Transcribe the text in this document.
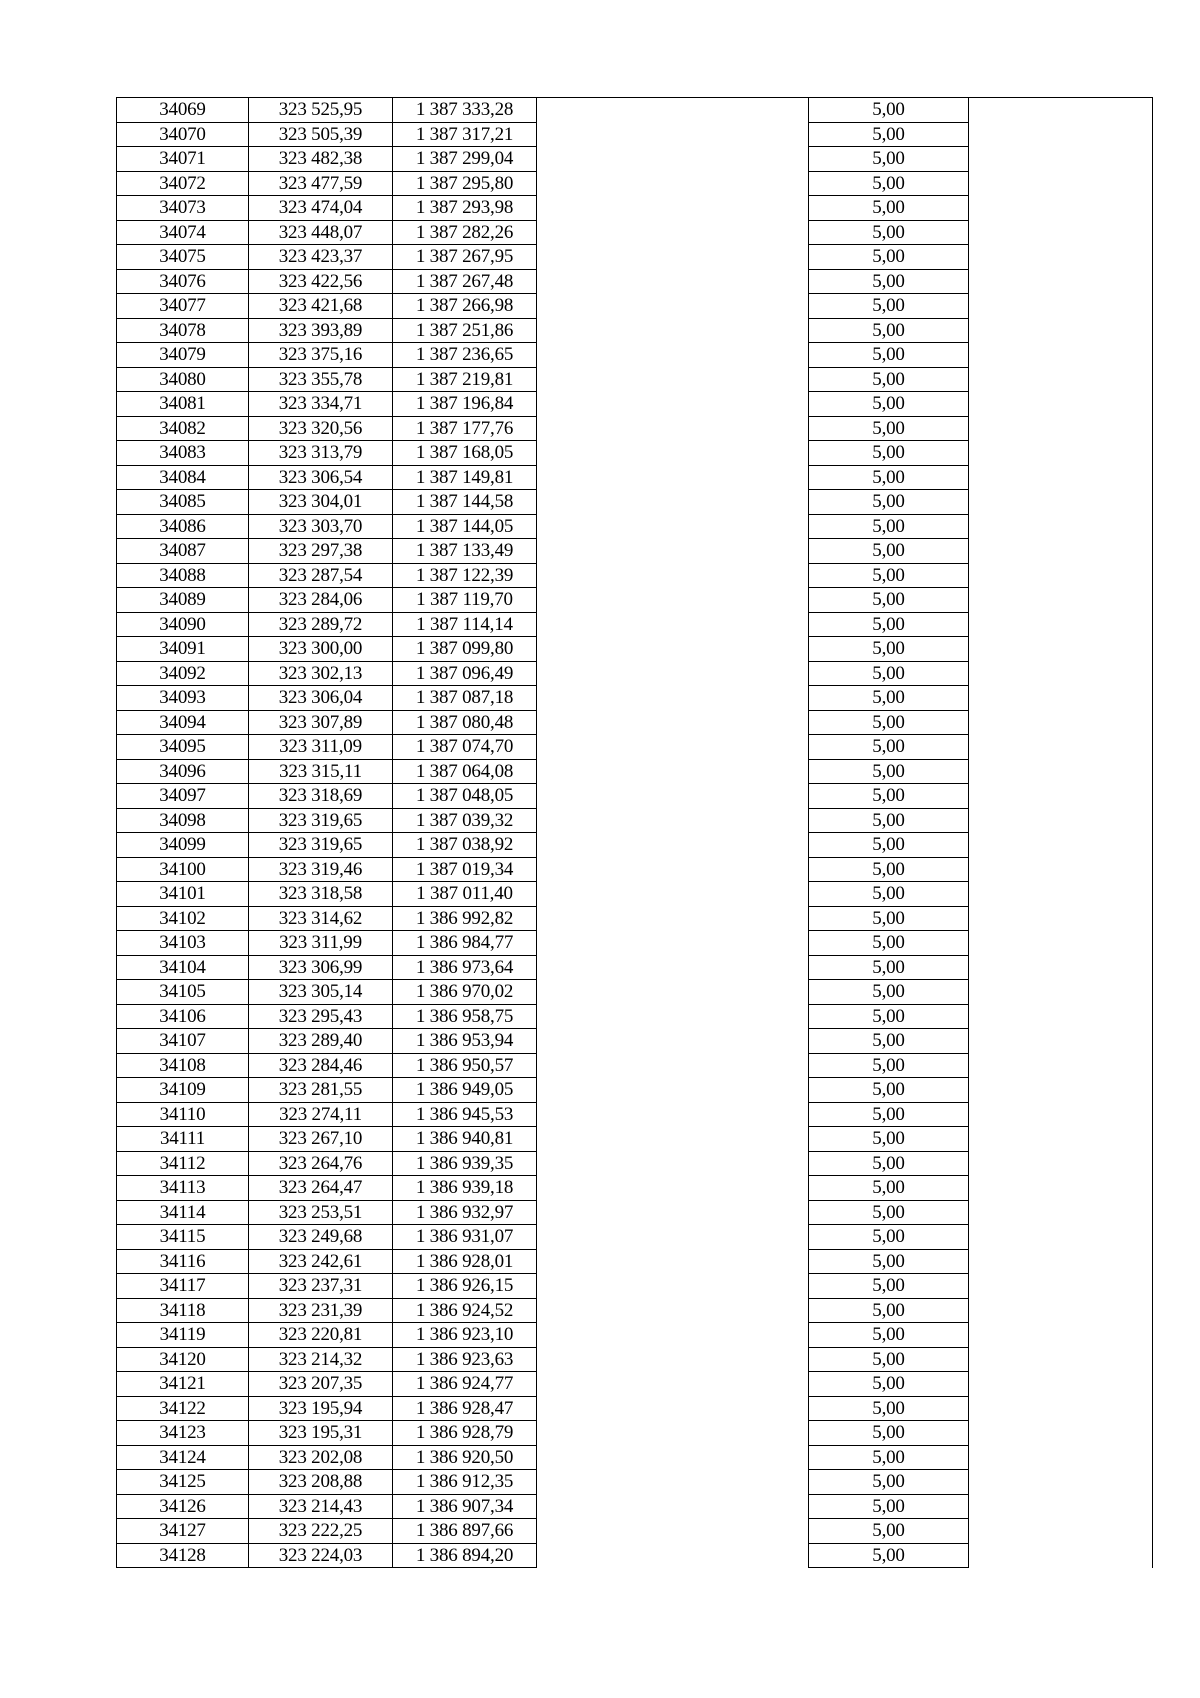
34069	323 525,95	1 387 333,28		5,00	
34070	323 505,39	1 387 317,21		5,00	
34071	323 482,38	1 387 299,04		5,00	
34072	323 477,59	1 387 295,80		5,00	
34073	323 474,04	1 387 293,98		5,00	
34074	323 448,07	1 387 282,26		5,00	
34075	323 423,37	1 387 267,95		5,00	
34076	323 422,56	1 387 267,48		5,00	
34077	323 421,68	1 387 266,98		5,00	
34078	323 393,89	1 387 251,86		5,00	
34079	323 375,16	1 387 236,65		5,00	
34080	323 355,78	1 387 219,81		5,00	
34081	323 334,71	1 387 196,84		5,00	
34082	323 320,56	1 387 177,76		5,00	
34083	323 313,79	1 387 168,05		5,00	
34084	323 306,54	1 387 149,81		5,00	
34085	323 304,01	1 387 144,58		5,00	
34086	323 303,70	1 387 144,05		5,00	
34087	323 297,38	1 387 133,49		5,00	
34088	323 287,54	1 387 122,39		5,00	
34089	323 284,06	1 387 119,70		5,00	
34090	323 289,72	1 387 114,14		5,00	
34091	323 300,00	1 387 099,80		5,00	
34092	323 302,13	1 387 096,49		5,00	
34093	323 306,04	1 387 087,18		5,00	
34094	323 307,89	1 387 080,48		5,00	
34095	323 311,09	1 387 074,70		5,00	
34096	323 315,11	1 387 064,08		5,00	
34097	323 318,69	1 387 048,05		5,00	
34098	323 319,65	1 387 039,32		5,00	
34099	323 319,65	1 387 038,92		5,00	
34100	323 319,46	1 387 019,34		5,00	
34101	323 318,58	1 387 011,40		5,00	
34102	323 314,62	1 386 992,82		5,00	
34103	323 311,99	1 386 984,77		5,00	
34104	323 306,99	1 386 973,64		5,00	
34105	323 305,14	1 386 970,02		5,00	
34106	323 295,43	1 386 958,75		5,00	
34107	323 289,40	1 386 953,94		5,00	
34108	323 284,46	1 386 950,57		5,00	
34109	323 281,55	1 386 949,05		5,00	
34110	323 274,11	1 386 945,53		5,00	
34111	323 267,10	1 386 940,81		5,00	
34112	323 264,76	1 386 939,35		5,00	
34113	323 264,47	1 386 939,18		5,00	
34114	323 253,51	1 386 932,97		5,00	
34115	323 249,68	1 386 931,07		5,00	
34116	323 242,61	1 386 928,01		5,00	
34117	323 237,31	1 386 926,15		5,00	
34118	323 231,39	1 386 924,52		5,00	
34119	323 220,81	1 386 923,10		5,00	
34120	323 214,32	1 386 923,63		5,00	
34121	323 207,35	1 386 924,77		5,00	
34122	323 195,94	1 386 928,47		5,00	
34123	323 195,31	1 386 928,79		5,00	
34124	323 202,08	1 386 920,50		5,00	
34125	323 208,88	1 386 912,35		5,00	
34126	323 214,43	1 386 907,34		5,00	
34127	323 222,25	1 386 897,66		5,00	
34128	323 224,03	1 386 894,20		5,00	
